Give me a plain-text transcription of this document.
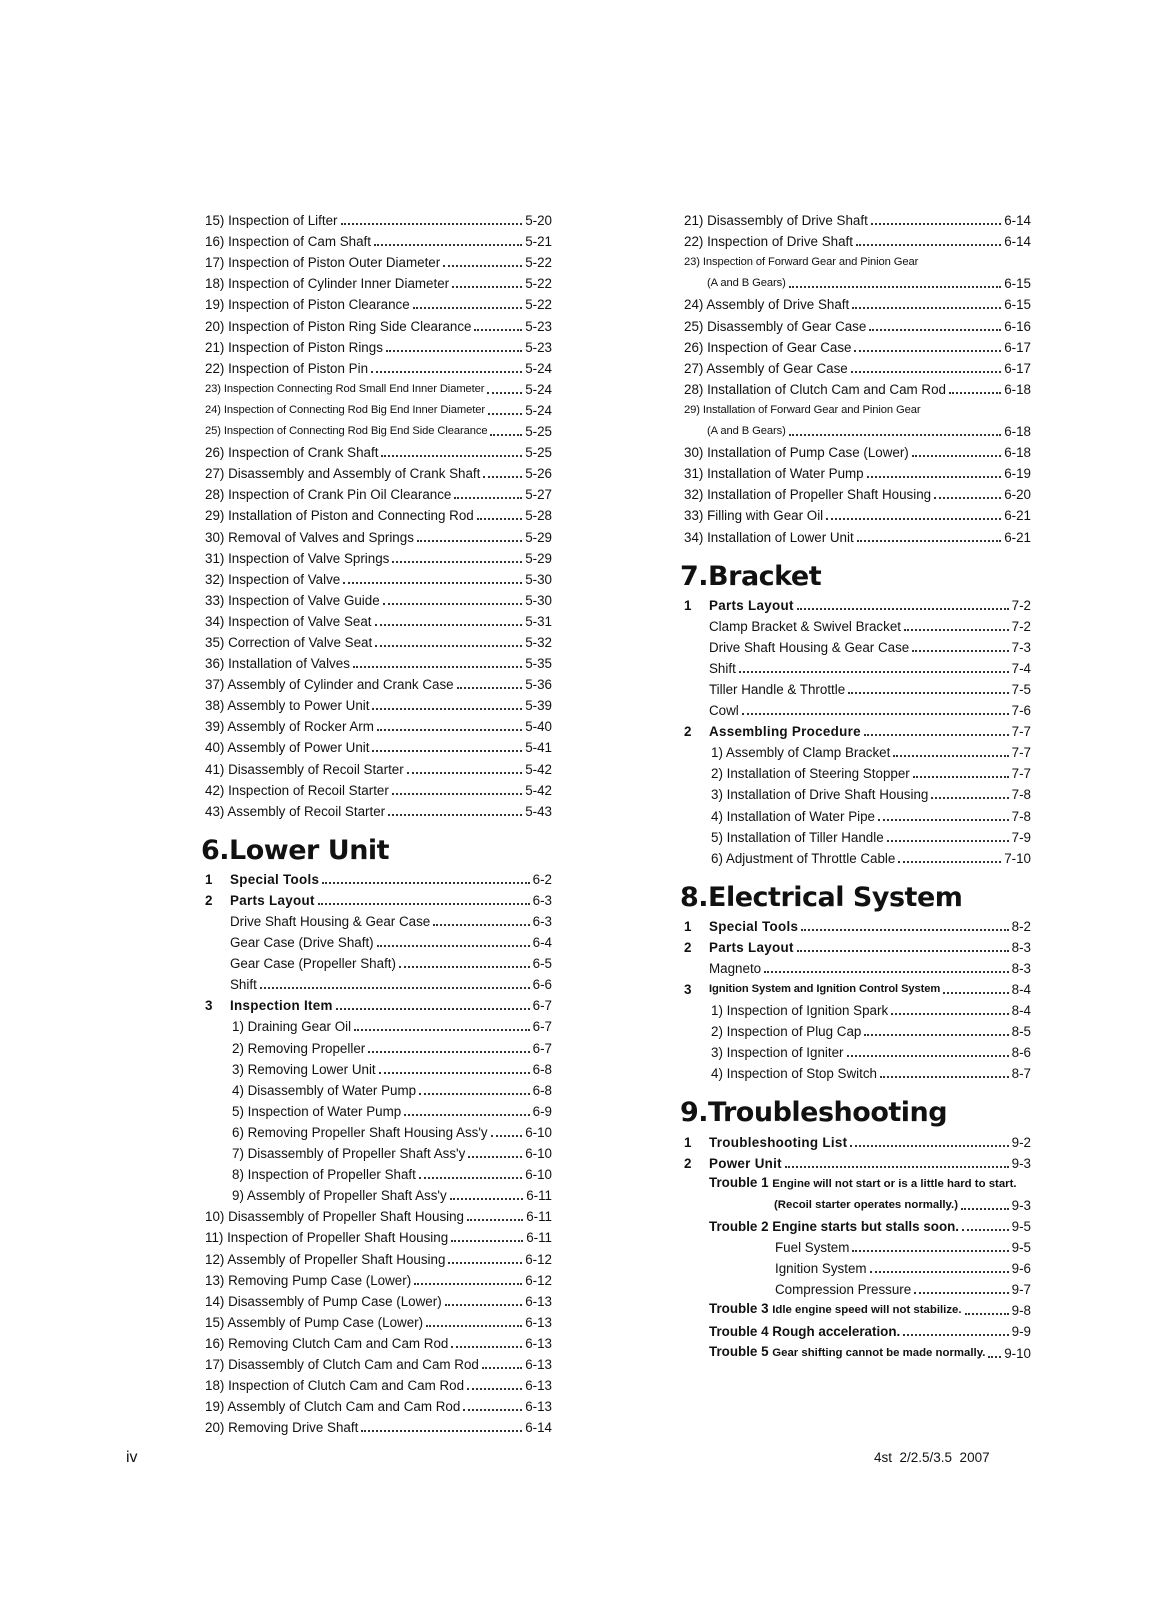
15) Inspection of Lifter	5-20
16) Inspection of Cam Shaft	5-21
17) Inspection of Piston Outer Diameter	5-22
18) Inspection of Cylinder Inner Diameter	5-22
19) Inspection of Piston Clearance	5-22
20) Inspection of Piston Ring Side Clearance	5-23
21) Inspection of Piston Rings	5-23
22) Inspection of Piston Pin	5-24
23) Inspection Connecting Rod Small End Inner Diameter	5-24
24) Inspection of Connecting Rod Big End Inner Diameter	5-24
25) Inspection of Connecting Rod Big End Side Clearance	5-25
26) Inspection of Crank Shaft	5-25
27) Disassembly and Assembly of Crank Shaft	5-26
28) Inspection of Crank Pin Oil Clearance	5-27
29) Installation of Piston and Connecting Rod	5-28
30) Removal of Valves and Springs	5-29
31) Inspection of Valve Springs	5-29
32) Inspection of Valve	5-30
33) Inspection of Valve Guide	5-30
34) Inspection of Valve Seat	5-31
35) Correction of Valve Seat	5-32
36) Installation of Valves	5-35
37) Assembly of Cylinder and Crank Case	5-36
38) Assembly to Power Unit	5-39
39) Assembly of Rocker Arm	5-40
40) Assembly of Power Unit	5-41
41) Disassembly of Recoil Starter	5-42
42) Inspection of Recoil Starter	5-42
43) Assembly of Recoil Starter	5-43
6.Lower Unit
1	Special Tools	6-2
2	Parts Layout	6-3
Drive Shaft Housing & Gear Case	6-3
Gear Case (Drive Shaft)	6-4
Gear Case (Propeller Shaft)	6-5
Shift	6-6
3	Inspection Item	6-7
1) Draining Gear Oil	6-7
2) Removing Propeller	6-7
3) Removing Lower Unit	6-8
4) Disassembly of Water Pump	6-8
5) Inspection of Water Pump	6-9
6) Removing Propeller Shaft Housing Ass'y	6-10
7) Disassembly of Propeller Shaft Ass'y	6-10
8) Inspection of Propeller Shaft	6-10
9) Assembly of Propeller Shaft Ass'y	6-11
10) Disassembly of Propeller Shaft Housing	6-11
11) Inspection of Propeller Shaft Housing	6-11
12) Assembly of Propeller Shaft Housing	6-12
13) Removing Pump Case (Lower)	6-12
14) Disassembly of Pump Case (Lower)	6-13
15) Assembly of Pump Case (Lower)	6-13
16) Removing Clutch Cam and Cam Rod	6-13
17) Disassembly of Clutch Cam and Cam Rod	6-13
18) Inspection of Clutch Cam and Cam Rod	6-13
19) Assembly of Clutch Cam and Cam Rod	6-13
20) Removing Drive Shaft	6-14
21) Disassembly of Drive Shaft	6-14
22) Inspection of Drive Shaft	6-14
23) Inspection of Forward Gear and Pinion Gear
(A and B Gears)	6-15
24) Assembly of Drive Shaft	6-15
25) Disassembly of Gear Case	6-16
26) Inspection of Gear Case	6-17
27) Assembly of Gear Case	6-17
28) Installation of Clutch Cam and Cam Rod	6-18
29) Installation of Forward Gear and Pinion Gear
(A and B Gears)	6-18
30) Installation of Pump Case (Lower)	6-18
31) Installation of Water Pump	6-19
32) Installation of Propeller Shaft Housing	6-20
33) Filling with Gear Oil	6-21
34) Installation of Lower Unit	6-21
7.Bracket
1	Parts Layout	7-2
Clamp Bracket & Swivel Bracket	7-2
Drive Shaft Housing & Gear Case	7-3
Shift	7-4
Tiller Handle & Throttle	7-5
Cowl	7-6
2	Assembling Procedure	7-7
1) Assembly of Clamp Bracket	7-7
2) Installation of Steering Stopper	7-7
3) Installation of Drive Shaft Housing	7-8
4) Installation of Water Pipe	7-8
5) Installation of Tiller Handle	7-9
6) Adjustment of Throttle Cable	7-10
8.Electrical System
1	Special Tools	8-2
2	Parts Layout	8-3
Magneto	8-3
3	Ignition System and Ignition Control System	8-4
1) Inspection of Ignition Spark	8-4
2) Inspection of Plug Cap	8-5
3) Inspection of Igniter	8-6
4) Inspection of Stop Switch	8-7
9.Troubleshooting
1	Troubleshooting List	9-2
2	Power Unit	9-3
Trouble 1 Engine will not start or is a little hard to start.
(Recoil starter operates normally.)	9-3
Trouble 2 Engine starts but stalls soon.	9-5
Fuel System	9-5
Ignition System	9-6
Compression Pressure	9-7
Trouble 3 Idle engine speed will not stabilize.	9-8
Trouble 4 Rough acceleration.	9-9
Trouble 5 Gear shifting cannot be made normally. 9-10
iv	4st  2/2.5/3.5  2007
